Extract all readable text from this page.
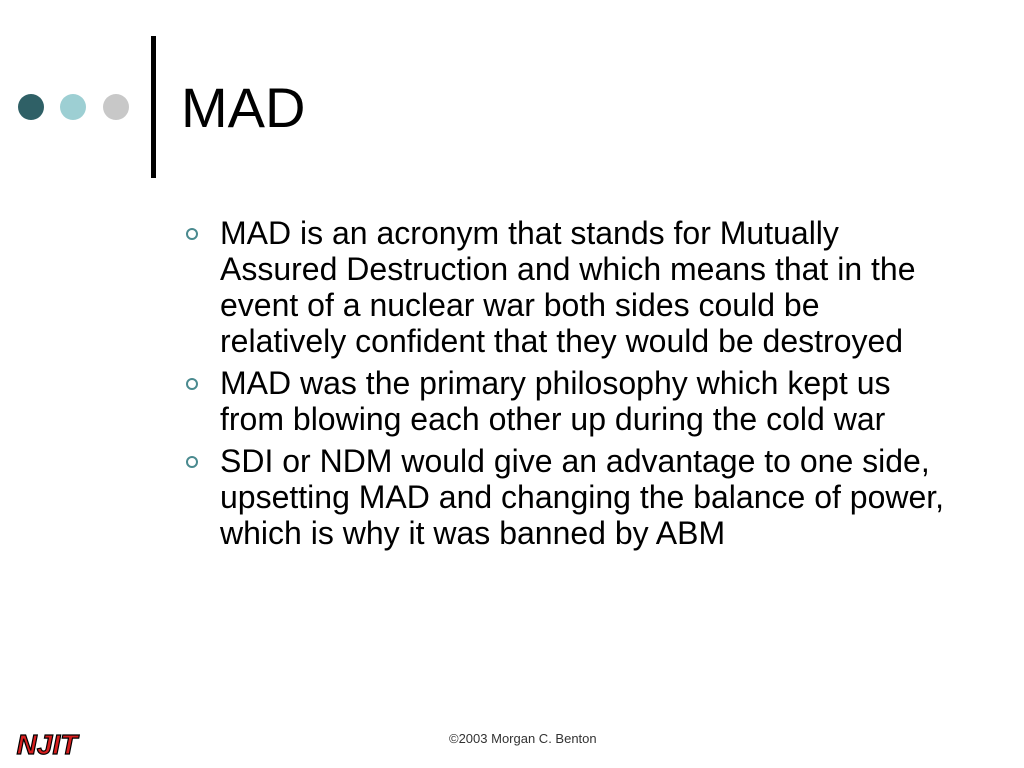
MAD
MAD is an acronym that stands for Mutually Assured Destruction and which means that in the event of a nuclear war both sides could be relatively confident that they would be destroyed
MAD was the primary philosophy which kept us from blowing each other up during the cold war
SDI or NDM would give an advantage to one side, upsetting MAD and changing the balance of power, which is why it was banned by ABM
NJIT	©2003 Morgan C. Benton
